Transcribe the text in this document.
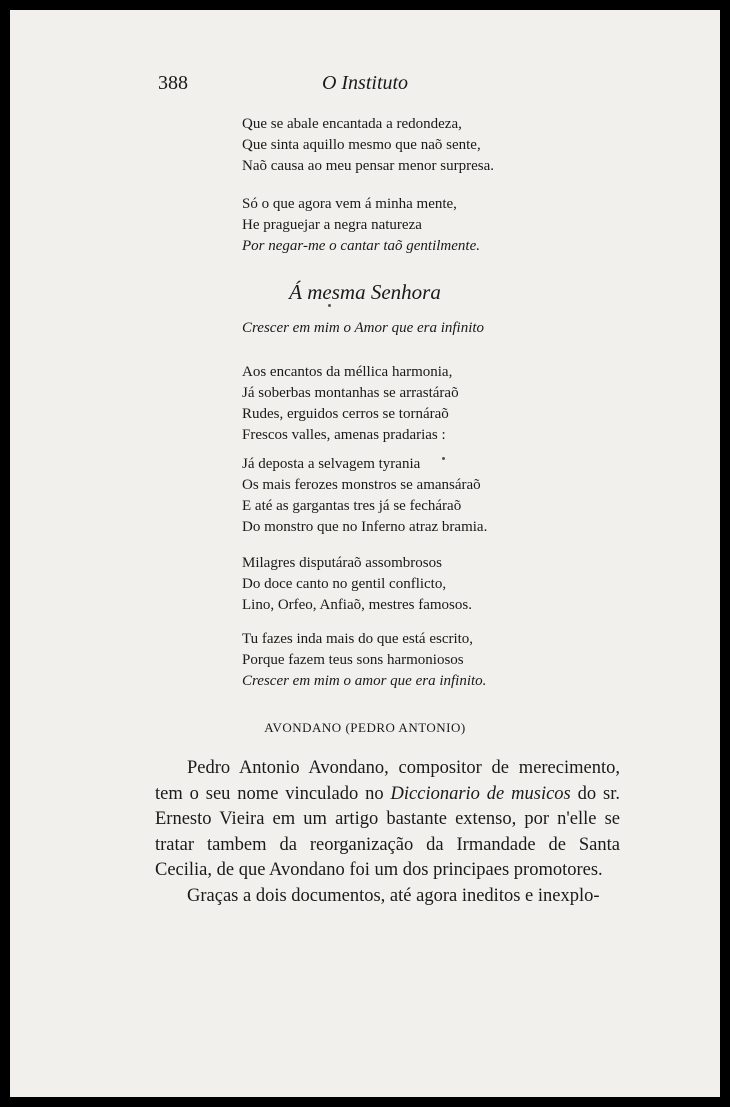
388	O Instituto
Que se abale encantada a redondeza,
Que sinta aquillo mesmo que naõ sente,
Naõ causa ao meu pensar menor surpresa.
Só o que agora vem á minha mente,
He praguejar a negra natureza
Por negar-me o cantar taõ gentilmente.
Á mesma Senhora
Crescer em mim o Amor que era infinito
Aos encantos da méllica harmonia,
Já soberbas montanhas se arrastáraõ
Rudes, erguidos cerros se tornáraõ
Frescos valles, amenas pradarias :
Já deposta a selvagem tyrania
Os mais ferozes monstros se amansáraõ
E até as gargantas tres já se fecháraõ
Do monstro que no Inferno atraz bramia.
Milagres disputáraõ assombrosos
Do doce canto no gentil conflicto,
Lino, Orfeo, Anfiaõ, mestres famosos.
Tu fazes inda mais do que está escrito,
Porque fazem teus sons harmoniosos
Crescer em mim o amor que era infinito.
AVONDANO (PEDRO ANTONIO)

Pedro Antonio Avondano, compositor de merecimento, tem o seu nome vinculado no Diccionario de musicos do sr. Ernesto Vieira em um artigo bastante extenso, por n'elle se tratar tambem da reorganização da Irmandade de Santa Cecilia, de que Avondano foi um dos principaes promotores.

Graças a dois documentos, até agora ineditos e inexplo-
